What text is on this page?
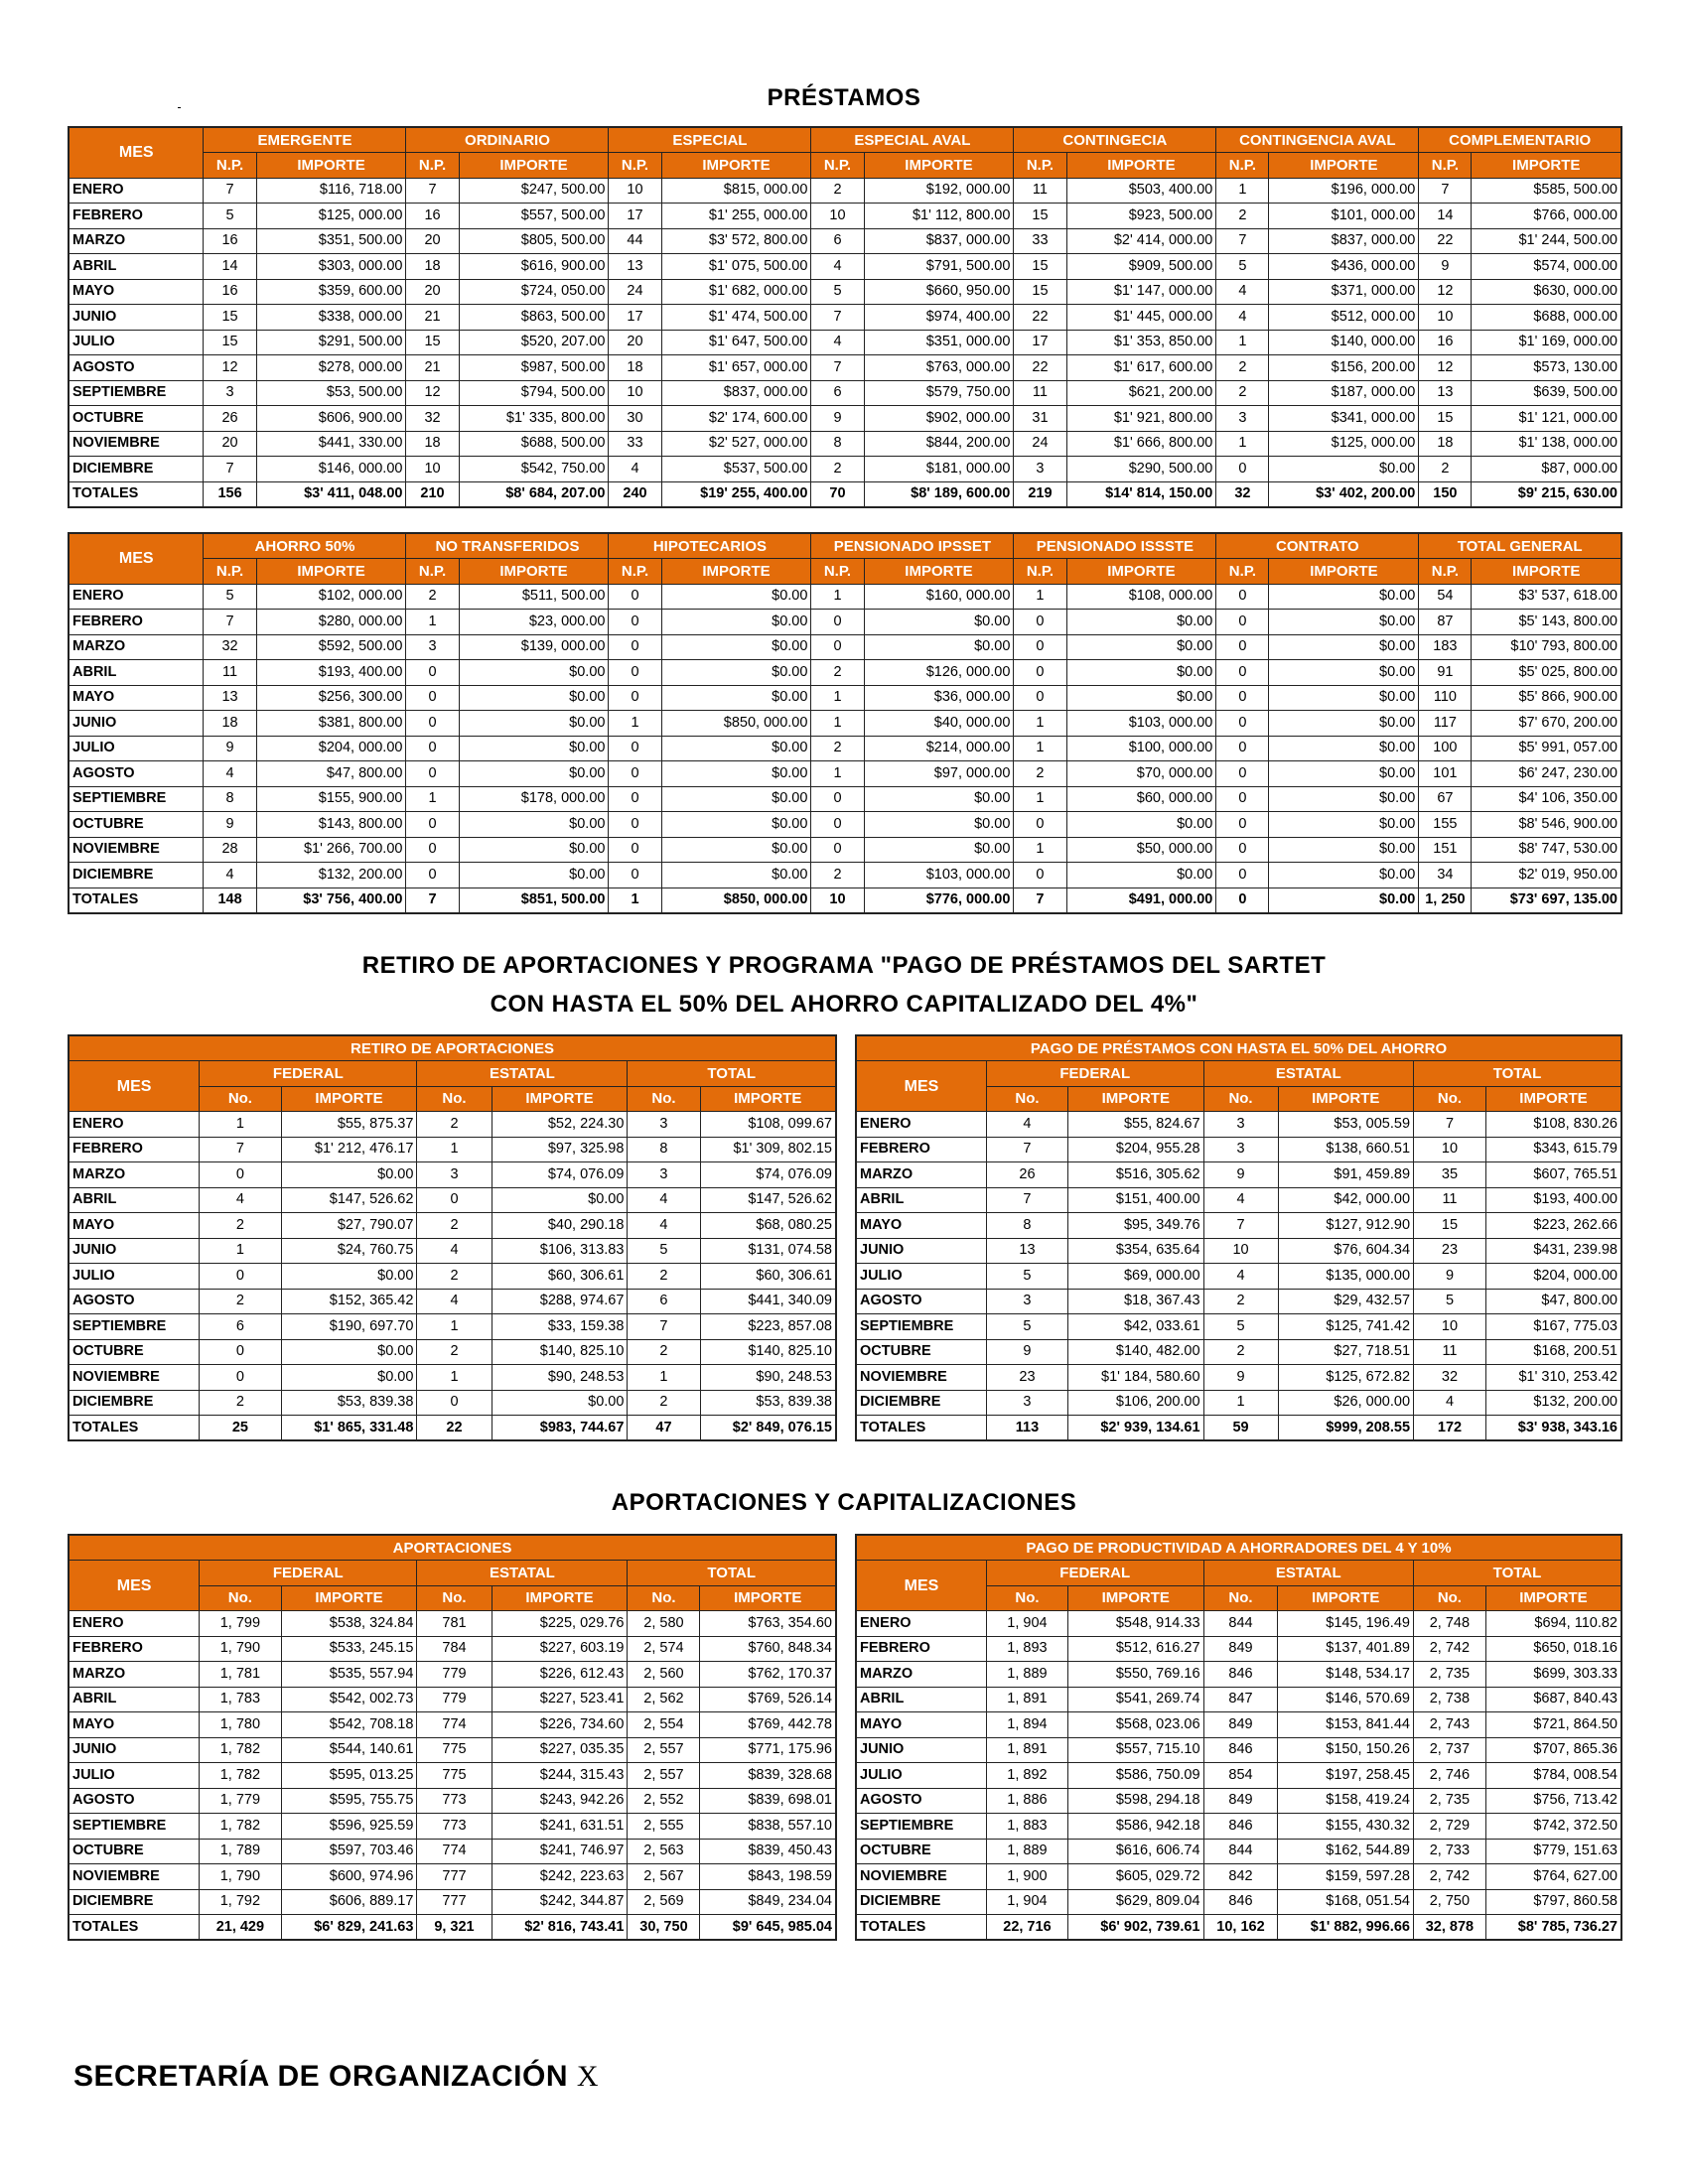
PRÉSTAMOS
MES	EMERGENTE		ORDINARIO		ESPECIAL		ESPECIAL AVAL		CONTINGECIA		CONTINGENCIA AVAL		COMPLEMENTARIO	
	N.P.	IMPORTE	N.P.	IMPORTE	N.P.	IMPORTE	N.P.	IMPORTE	N.P.	IMPORTE	N.P.	IMPORTE	N.P.	IMPORTE
ENERO	7	$116, 718.00	7	$247, 500.00	10	$815, 000.00	2	$192, 000.00	11	$503, 400.00	1	$196, 000.00	7	$585, 500.00
FEBRERO	5	$125, 000.00	16	$557, 500.00	17	$1' 255, 000.00	10	$1' 112, 800.00	15	$923, 500.00	2	$101, 000.00	14	$766, 000.00
MARZO	16	$351, 500.00	20	$805, 500.00	44	$3' 572, 800.00	6	$837, 000.00	33	$2' 414, 000.00	7	$837, 000.00	22	$1' 244, 500.00
ABRIL	14	$303, 000.00	18	$616, 900.00	13	$1' 075, 500.00	4	$791, 500.00	15	$909, 500.00	5	$436, 000.00	9	$574, 000.00
MAYO	16	$359, 600.00	20	$724, 050.00	24	$1' 682, 000.00	5	$660, 950.00	15	$1' 147, 000.00	4	$371, 000.00	12	$630, 000.00
JUNIO	15	$338, 000.00	21	$863, 500.00	17	$1' 474, 500.00	7	$974, 400.00	22	$1' 445, 000.00	4	$512, 000.00	10	$688, 000.00
JULIO	15	$291, 500.00	15	$520, 207.00	20	$1' 647, 500.00	4	$351, 000.00	17	$1' 353, 850.00	1	$140, 000.00	16	$1' 169, 000.00
AGOSTO	12	$278, 000.00	21	$987, 500.00	18	$1' 657, 000.00	7	$763, 000.00	22	$1' 617, 600.00	2	$156, 200.00	12	$573, 130.00
SEPTIEMBRE	3	$53, 500.00	12	$794, 500.00	10	$837, 000.00	6	$579, 750.00	11	$621, 200.00	2	$187, 000.00	13	$639, 500.00
OCTUBRE	26	$606, 900.00	32	$1' 335, 800.00	30	$2' 174, 600.00	9	$902, 000.00	31	$1' 921, 800.00	3	$341, 000.00	15	$1' 121, 000.00
NOVIEMBRE	20	$441, 330.00	18	$688, 500.00	33	$2' 527, 000.00	8	$844, 200.00	24	$1' 666, 800.00	1	$125, 000.00	18	$1' 138, 000.00
DICIEMBRE	7	$146, 000.00	10	$542, 750.00	4	$537, 500.00	2	$181, 000.00	3	$290, 500.00	0	$0.00	2	$87, 000.00
TOTALES	156	$3' 411, 048.00	210	$8' 684, 207.00	240	$19' 255, 400.00	70	$8' 189, 600.00	219	$14' 814, 150.00	32	$3' 402, 200.00	150	$9' 215, 630.00
MES	AHORRO 50%		NO TRANSFERIDOS		HIPOTECARIOS		PENSIONADO IPSSET		PENSIONADO ISSSTE		CONTRATO		TOTAL GENERAL	
	N.P.	IMPORTE	N.P.	IMPORTE	N.P.	IMPORTE	N.P.	IMPORTE	N.P.	IMPORTE	N.P.	IMPORTE	N.P.	IMPORTE
ENERO	5	$102, 000.00	2	$511, 500.00	0	$0.00	1	$160, 000.00	1	$108, 000.00	0	$0.00	54	$3' 537, 618.00
FEBRERO	7	$280, 000.00	1	$23, 000.00	0	$0.00	0	$0.00	0	$0.00	0	$0.00	87	$5' 143, 800.00
MARZO	32	$592, 500.00	3	$139, 000.00	0	$0.00	0	$0.00	0	$0.00	0	$0.00	183	$10' 793, 800.00
ABRIL	11	$193, 400.00	0	$0.00	0	$0.00	2	$126, 000.00	0	$0.00	0	$0.00	91	$5' 025, 800.00
MAYO	13	$256, 300.00	0	$0.00	0	$0.00	1	$36, 000.00	0	$0.00	0	$0.00	110	$5' 866, 900.00
JUNIO	18	$381, 800.00	0	$0.00	1	$850, 000.00	1	$40, 000.00	1	$103, 000.00	0	$0.00	117	$7' 670, 200.00
JULIO	9	$204, 000.00	0	$0.00	0	$0.00	2	$214, 000.00	1	$100, 000.00	0	$0.00	100	$5' 991, 057.00
AGOSTO	4	$47, 800.00	0	$0.00	0	$0.00	1	$97, 000.00	2	$70, 000.00	0	$0.00	101	$6' 247, 230.00
SEPTIEMBRE	8	$155, 900.00	1	$178, 000.00	0	$0.00	0	$0.00	1	$60, 000.00	0	$0.00	67	$4' 106, 350.00
OCTUBRE	9	$143, 800.00	0	$0.00	0	$0.00	0	$0.00	0	$0.00	0	$0.00	155	$8' 546, 900.00
NOVIEMBRE	28	$1' 266, 700.00	0	$0.00	0	$0.00	0	$0.00	1	$50, 000.00	0	$0.00	151	$8' 747, 530.00
DICIEMBRE	4	$132, 200.00	0	$0.00	0	$0.00	2	$103, 000.00	0	$0.00	0	$0.00	34	$2' 019, 950.00
TOTALES	148	$3' 756, 400.00	7	$851, 500.00	1	$850, 000.00	10	$776, 000.00	7	$491, 000.00	0	$0.00	1, 250	$73' 697, 135.00
RETIRO DE APORTACIONES Y PROGRAMA "PAGO DE PRÉSTAMOS DEL SARTET
CON HASTA EL 50% DEL AHORRO CAPITALIZADO DEL 4%"
RETIRO DE APORTACIONES						
MES	FEDERAL		ESTATAL		TOTAL	
	No.	IMPORTE	No.	IMPORTE	No.	IMPORTE
ENERO	1	$55, 875.37	2	$52, 224.30	3	$108, 099.67
FEBRERO	7	$1' 212, 476.17	1	$97, 325.98	8	$1' 309, 802.15
MARZO	0	$0.00	3	$74, 076.09	3	$74, 076.09
ABRIL	4	$147, 526.62	0	$0.00	4	$147, 526.62
MAYO	2	$27, 790.07	2	$40, 290.18	4	$68, 080.25
JUNIO	1	$24, 760.75	4	$106, 313.83	5	$131, 074.58
JULIO	0	$0.00	2	$60, 306.61	2	$60, 306.61
AGOSTO	2	$152, 365.42	4	$288, 974.67	6	$441, 340.09
SEPTIEMBRE	6	$190, 697.70	1	$33, 159.38	7	$223, 857.08
OCTUBRE	0	$0.00	2	$140, 825.10	2	$140, 825.10
NOVIEMBRE	0	$0.00	1	$90, 248.53	1	$90, 248.53
DICIEMBRE	2	$53, 839.38	0	$0.00	2	$53, 839.38
TOTALES	25	$1' 865, 331.48	22	$983, 744.67	47	$2' 849, 076.15
PAGO DE PRÉSTAMOS CON HASTA EL 50% DEL AHORRO						
MES	FEDERAL		ESTATAL		TOTAL	
	No.	IMPORTE	No.	IMPORTE	No.	IMPORTE
ENERO	4	$55, 824.67	3	$53, 005.59	7	$108, 830.26
FEBRERO	7	$204, 955.28	3	$138, 660.51	10	$343, 615.79
MARZO	26	$516, 305.62	9	$91, 459.89	35	$607, 765.51
ABRIL	7	$151, 400.00	4	$42, 000.00	11	$193, 400.00
MAYO	8	$95, 349.76	7	$127, 912.90	15	$223, 262.66
JUNIO	13	$354, 635.64	10	$76, 604.34	23	$431, 239.98
JULIO	5	$69, 000.00	4	$135, 000.00	9	$204, 000.00
AGOSTO	3	$18, 367.43	2	$29, 432.57	5	$47, 800.00
SEPTIEMBRE	5	$42, 033.61	5	$125, 741.42	10	$167, 775.03
OCTUBRE	9	$140, 482.00	2	$27, 718.51	11	$168, 200.51
NOVIEMBRE	23	$1' 184, 580.60	9	$125, 672.82	32	$1' 310, 253.42
DICIEMBRE	3	$106, 200.00	1	$26, 000.00	4	$132, 200.00
TOTALES	113	$2' 939, 134.61	59	$999, 208.55	172	$3' 938, 343.16
APORTACIONES Y CAPITALIZACIONES
APORTACIONES						
MES	FEDERAL		ESTATAL		TOTAL	
	No.	IMPORTE	No.	IMPORTE	No.	IMPORTE
ENERO	1, 799	$538, 324.84	781	$225, 029.76	2, 580	$763, 354.60
FEBRERO	1, 790	$533, 245.15	784	$227, 603.19	2, 574	$760, 848.34
MARZO	1, 781	$535, 557.94	779	$226, 612.43	2, 560	$762, 170.37
ABRIL	1, 783	$542, 002.73	779	$227, 523.41	2, 562	$769, 526.14
MAYO	1, 780	$542, 708.18	774	$226, 734.60	2, 554	$769, 442.78
JUNIO	1, 782	$544, 140.61	775	$227, 035.35	2, 557	$771, 175.96
JULIO	1, 782	$595, 013.25	775	$244, 315.43	2, 557	$839, 328.68
AGOSTO	1, 779	$595, 755.75	773	$243, 942.26	2, 552	$839, 698.01
SEPTIEMBRE	1, 782	$596, 925.59	773	$241, 631.51	2, 555	$838, 557.10
OCTUBRE	1, 789	$597, 703.46	774	$241, 746.97	2, 563	$839, 450.43
NOVIEMBRE	1, 790	$600, 974.96	777	$242, 223.63	2, 567	$843, 198.59
DICIEMBRE	1, 792	$606, 889.17	777	$242, 344.87	2, 569	$849, 234.04
TOTALES	21, 429	$6' 829, 241.63	9, 321	$2' 816, 743.41	30, 750	$9' 645, 985.04
PAGO DE PRODUCTIVIDAD A AHORRADORES DEL 4 Y 10%						
MES	FEDERAL		ESTATAL		TOTAL	
	No.	IMPORTE	No.	IMPORTE	No.	IMPORTE
ENERO	1, 904	$548, 914.33	844	$145, 196.49	2, 748	$694, 110.82
FEBRERO	1, 893	$512, 616.27	849	$137, 401.89	2, 742	$650, 018.16
MARZO	1, 889	$550, 769.16	846	$148, 534.17	2, 735	$699, 303.33
ABRIL	1, 891	$541, 269.74	847	$146, 570.69	2, 738	$687, 840.43
MAYO	1, 894	$568, 023.06	849	$153, 841.44	2, 743	$721, 864.50
JUNIO	1, 891	$557, 715.10	846	$150, 150.26	2, 737	$707, 865.36
JULIO	1, 892	$586, 750.09	854	$197, 258.45	2, 746	$784, 008.54
AGOSTO	1, 886	$598, 294.18	849	$158, 419.24	2, 735	$756, 713.42
SEPTIEMBRE	1, 883	$586, 942.18	846	$155, 430.32	2, 729	$742, 372.50
OCTUBRE	1, 889	$616, 606.74	844	$162, 544.89	2, 733	$779, 151.63
NOVIEMBRE	1, 900	$605, 029.72	842	$159, 597.28	2, 742	$764, 627.00
DICIEMBRE	1, 904	$629, 809.04	846	$168, 051.54	2, 750	$797, 860.58
TOTALES	22, 716	$6' 902, 739.61	10, 162	$1' 882, 996.66	32, 878	$8' 785, 736.27
SECRETARÍA DE ORGANIZACIÓN X
